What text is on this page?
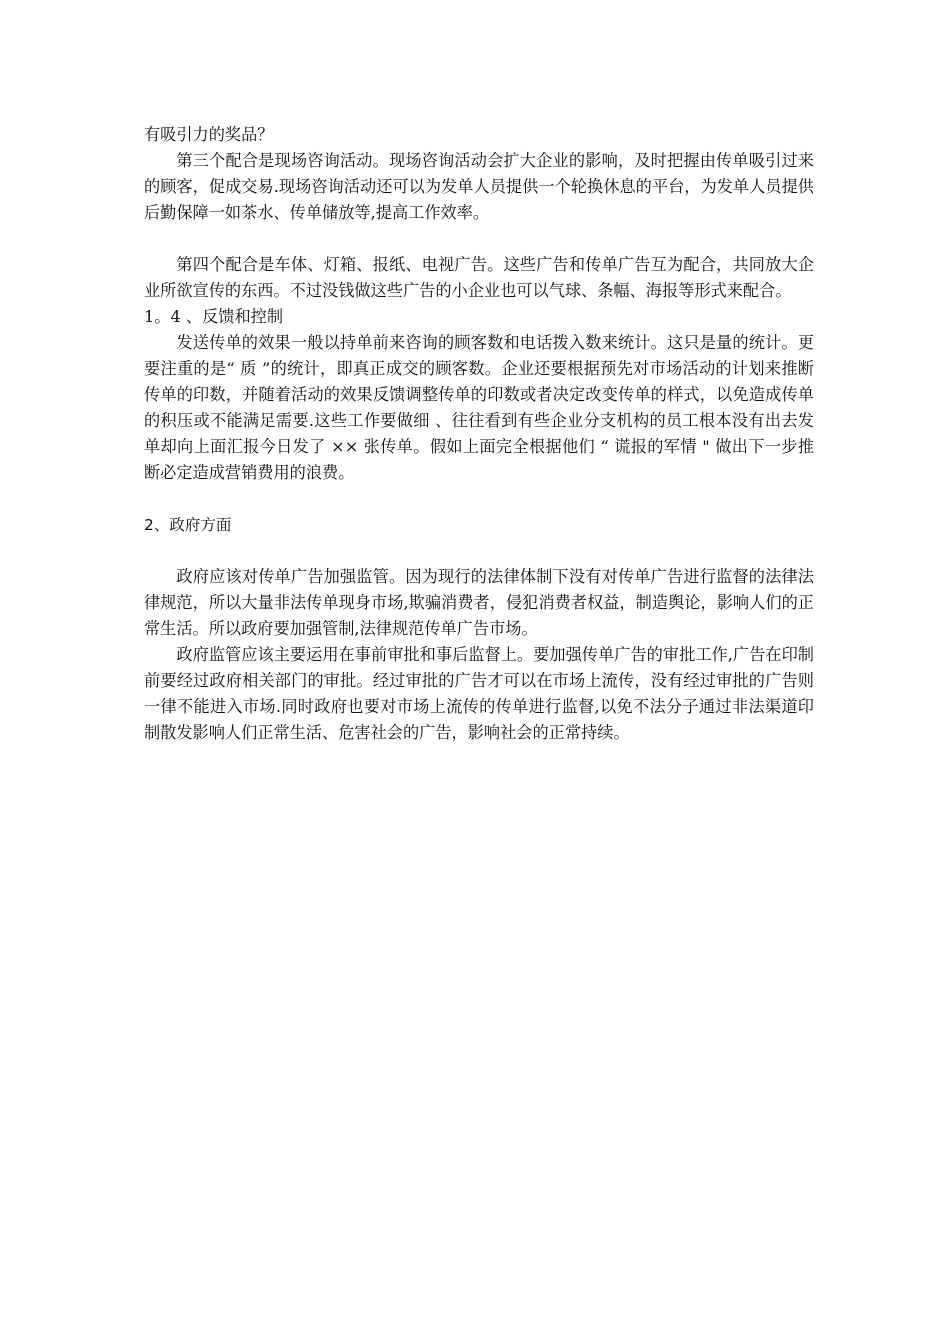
有吸引力的奖品？

第三个配合是现场咨询活动。现场咨询活动会扩大企业的影响，及时把握由传单吸引过来的顾客，促成交易.现场咨询活动还可以为发单人员提供一个轮换休息的平台，为发单人员提供后勤保障一如茶水、传单储放等,提高工作效率。

第四个配合是车体、灯箱、报纸、电视广告。这些广告和传单广告互为配合，共同放大企业所欲宣传的东西。不过没钱做这些广告的小企业也可以气球、条幅、海报等形式来配合。

1。4 、反馈和控制

发送传单的效果一般以持单前来咨询的顾客数和电话拨入数来统计。这只是量的统计。更要注重的是“ 质 ”的统计，即真正成交的顾客数。企业还要根据预先对市场活动的计划来推断传单的印数，并随着活动的效果反馈调整传单的印数或者决定改变传单的样式，以免造成传单的积压或不能满足需要.这些工作要做细 、往往看到有些企业分支机构的员工根本没有出去发单却向上面汇报今日发了 ×× 张传单。假如上面完全根据他们 “ 谎报的军情 " 做出下一步推断必定造成营销费用的浪费。

2、政府方面

政府应该对传单广告加强监管。因为现行的法律体制下没有对传单广告进行监督的法律法律规范，所以大量非法传单现身市场,欺骗消费者，侵犯消费者权益，制造舆论，影响人们的正常生活。所以政府要加强管制,法律规范传单广告市场。

政府监管应该主要运用在事前审批和事后监督上。要加强传单广告的审批工作,广告在印制前要经过政府相关部门的审批。经过审批的广告才可以在市场上流传，没有经过审批的广告则一律不能进入市场.同时政府也要对市场上流传的传单进行监督,以免不法分子通过非法渠道印制散发影响人们正常生活、危害社会的广告，影响社会的正常持续。
